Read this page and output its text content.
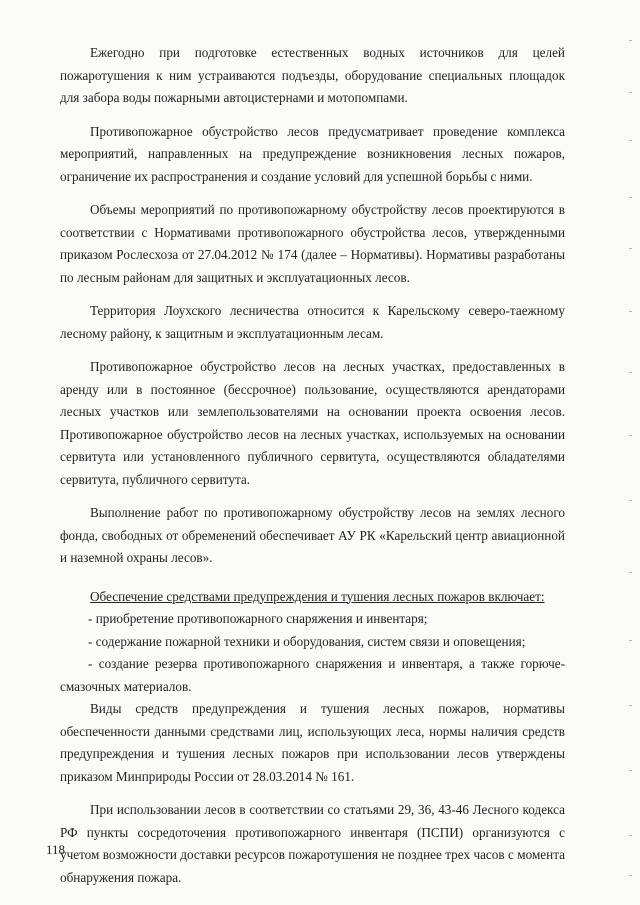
Ежегодно при подготовке естественных водных источников для целей пожаротушения к ним устраиваются подъезды, оборудование специальных площадок для забора воды пожарными автоцистернами и мотопомпами.

Противопожарное обустройство лесов предусматривает проведение комплекса мероприятий, направленных на предупреждение возникновения лесных пожаров, ограничение их распространения и создание условий для успешной борьбы с ними.

Объемы мероприятий по противопожарному обустройству лесов проектируются в соответствии с Нормативами противопожарного обустройства лесов, утвержденными приказом Рослесхоза от 27.04.2012 № 174 (далее – Нормативы). Нормативы разработаны по лесным районам для защитных и эксплуатационных лесов.

Территория Лоухского лесничества относится к Карельскому северо-таежному лесному району, к защитным и эксплуатационным лесам.

Противопожарное обустройство лесов на лесных участках, предоставленных в аренду или в постоянное (бессрочное) пользование, осуществляются арендаторами лесных участков или землепользователями на основании проекта освоения лесов. Противопожарное обустройство лесов на лесных участках, используемых на основании сервитута или установленного публичного сервитута, осуществляются обладателями сервитута, публичного сервитута.

Выполнение работ по противопожарному обустройству лесов на землях лесного фонда, свободных от обременений обеспечивает АУ РК «Карельский центр авиационной и наземной охраны лесов».

Обеспечение средствами предупреждения и тушения лесных пожаров включает:

- приобретение противопожарного снаряжения и инвентаря;

- содержание пожарной техники и оборудования, систем связи и оповещения;

- создание резерва противопожарного снаряжения и инвентаря, а также горюче-смазочных материалов.

Виды средств предупреждения и тушения лесных пожаров, нормативы обеспеченности данными средствами лиц, использующих леса, нормы наличия средств предупреждения и тушения лесных пожаров при использовании лесов утверждены приказом Минприроды России от 28.03.2014 № 161.

При использовании лесов в соответствии со статьями 29, 36, 43-46 Лесного кодекса РФ пункты сосредоточения противопожарного инвентаря (ПСПИ) организуются с учетом возможности доставки ресурсов пожаротушения не позднее трех часов с момента обнаружения пожара.

118
